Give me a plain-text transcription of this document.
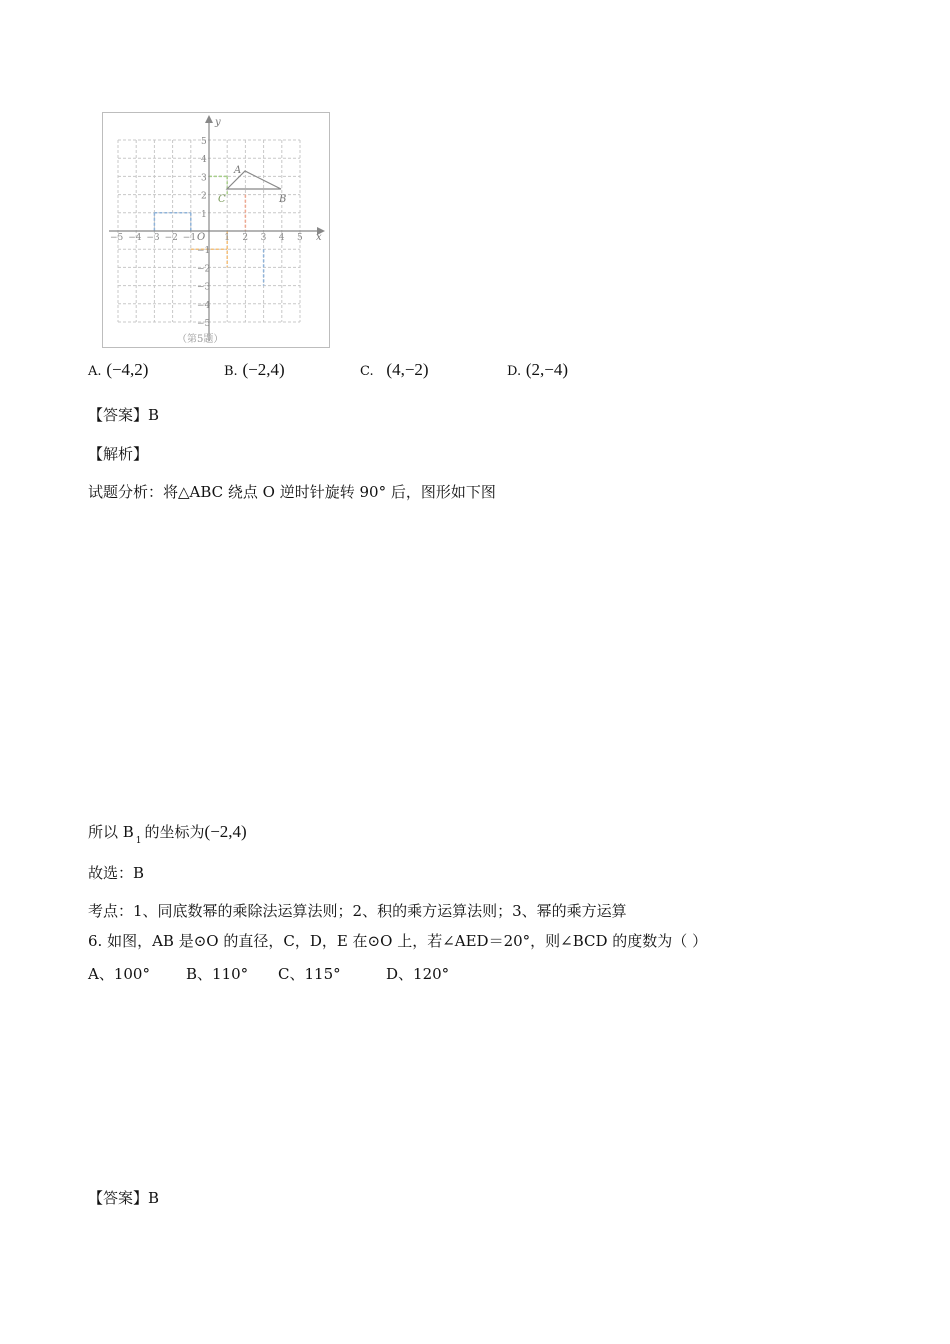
y
x
O
−5 −4 −3 −2 −1	1 2 3 4 5
5
4
3
2
1
−1
−2
−3
−4
−5
A
B
C
（第5题）
A. (−4,2)	B. (−2,4)	C. (4,−2)	D. (2,−4)
【答案】B
【解析】
试题分析：将△ABC 绕点 O 逆时针旋转 90° 后，图形如下图
所以 B $_1$ 的坐标为(−2,4)
故选：B
考点：1、同底数幂的乘除法运算法则；2、积的乘方运算法则；3、幂的乘方运算
6. 如图，AB 是⊙O 的直径，C，D，E 在⊙O 上，若∠AED＝20°，则∠BCD 的度数为（ ）
A、100° B、110° C、115°	D、120°
【答案】B
